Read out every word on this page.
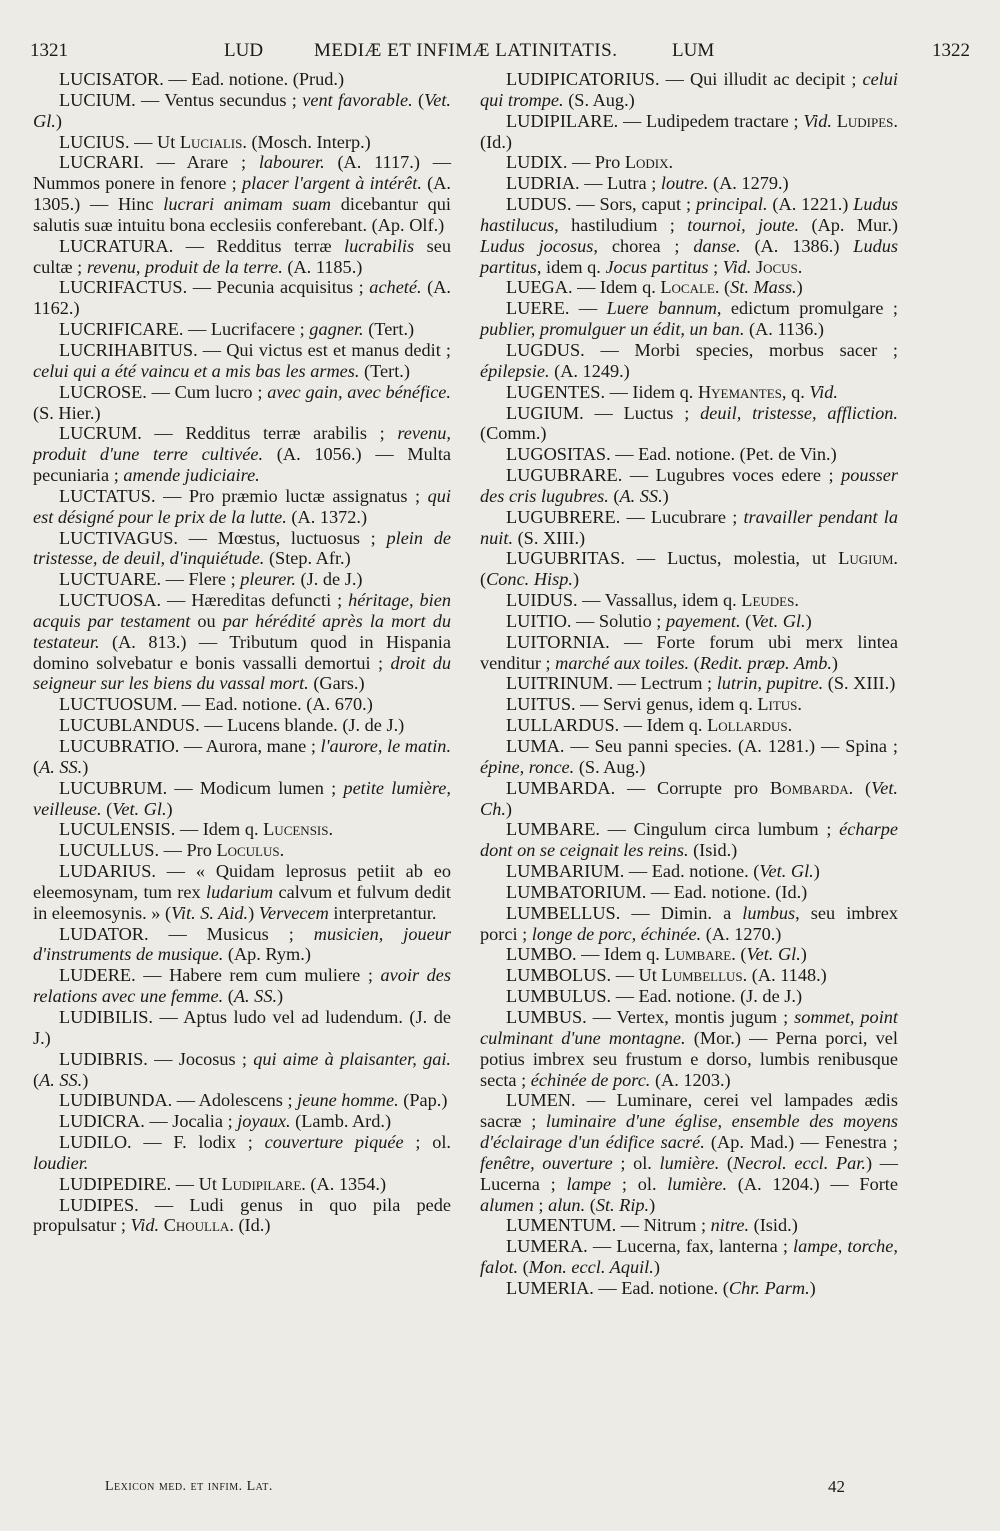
1321	LUD	MEDIÆ ET INFIMÆ LATINITATIS.	LUM	1322

LUCISATOR. — Ead. notione. (Prud.)

LUCIUM. — Ventus secundus ; vent favorable. (Vet. Gl.)

LUCIUS. — Ut Lucialis. (Mosch. Interp.)

LUCRARI. — Arare ; labourer. (A. 1117.) — Nummos ponere in fenore ; placer l'argent à intérêt. (A. 1305.) — Hinc lucrari animam suam dicebantur qui salutis suæ intuitu bona ecclesiis conferebant. (Ap. Olf.)

LUCRATURA. — Redditus terræ lucrabilis seu cultæ ; revenu, produit de la terre. (A. 1185.)

LUCRIFACTUS. — Pecunia acquisitus ; acheté. (A. 1162.)

LUCRIFICARE. — Lucrifacere ; gagner. (Tert.)

LUCRIHABITUS. — Qui victus est et manus dedit ; celui qui a été vaincu et a mis bas les armes. (Tert.)

LUCROSE. — Cum lucro ; avec gain, avec bénéfice. (S. Hier.)

LUCRUM. — Redditus terræ arabilis ; revenu, produit d'une terre cultivée. (A. 1056.) — Multa pecuniaria ; amende judiciaire.

LUCTATUS. — Pro præmio luctæ assignatus ; qui est désigné pour le prix de la lutte. (A. 1372.)

LUCTIVAGUS. — Mœstus, luctuosus ; plein de tristesse, de deuil, d'inquiétude. (Step. Afr.)

LUCTUARE. — Flere ; pleurer. (J. de J.)

LUCTUOSA. — Hæreditas defuncti ; héritage, bien acquis par testament ou par hérédité après la mort du testateur. (A. 813.) — Tributum quod in Hispania domino solvebatur e bonis vassalli demortui ; droit du seigneur sur les biens du vassal mort. (Gars.)

LUCTUOSUM. — Ead. notione. (A. 670.)

LUCUBLANDUS. — Lucens blande. (J. de J.)

LUCUBRATIO. — Aurora, mane ; l'aurore, le matin. (A. SS.)

LUCUBRUM. — Modicum lumen ; petite lumière, veilleuse. (Vet. Gl.)

LUCULENSIS. — Idem q. Lucensis.

LUCULLUS. — Pro Loculus.

LUDARIUS. — « Quidam leprosus petiit ab eo eleemosynam, tum rex ludarium calvum et fulvum dedit in eleemosynis. » (Vit. S. Aid.) Vervecem interpretantur.

LUDATOR. — Musicus ; musicien, joueur d'instruments de musique. (Ap. Rym.)

LUDERE. — Habere rem cum muliere ; avoir des relations avec une femme. (A. SS.)

LUDIBILIS. — Aptus ludo vel ad ludendum. (J. de J.)

LUDIBRIS. — Jocosus ; qui aime à plaisanter, gai. (A. SS.)

LUDIBUNDA. — Adolescens ; jeune homme. (Pap.)

LUDICRA. — Jocalia ; joyaux. (Lamb. Ard.)

LUDILO. — F. lodix ; couverture piquée ; ol. loudier.

LUDIPEDIRE. — Ut Ludipilare. (A. 1354.)

LUDIPES. — Ludi genus in quo pila pede propulsatur ; Vid. Choulla. (Id.)

LUDIPICATORIUS. — Qui illudit ac decipit ; celui qui trompe. (S. Aug.)

LUDIPILARE. — Ludipedem tractare ; Vid. Ludipes. (Id.)

LUDIX. — Pro Lodix.

LUDRIA. — Lutra ; loutre. (A. 1279.)

LUDUS. — Sors, caput ; principal. (A. 1221.) Ludus hastilucus, hastiludium ; tournoi, joute. (Ap. Mur.) Ludus jocosus, chorea ; danse. (A. 1386.) Ludus partitus, idem q. Jocus partitus ; Vid. Jocus.

LUEGA. — Idem q. Locale. (St. Mass.)

LUERE. — Luere bannum, edictum promulgare ; publier, promulguer un édit, un ban. (A. 1136.)

LUGDUS. — Morbi species, morbus sacer ; épilepsie. (A. 1249.)

LUGENTES. — Iidem q. Hyemantes, q. Vid.

LUGIUM. — Luctus ; deuil, tristesse, affliction. (Comm.)

LUGOSITAS. — Ead. notione. (Pet. de Vin.)

LUGUBRARE. — Lugubres voces edere ; pousser des cris lugubres. (A. SS.)

LUGUBRERE. — Lucubrare ; travailler pendant la nuit. (S. XIII.)

LUGUBRITAS. — Luctus, molestia, ut Lugium. (Conc. Hisp.)

LUIDUS. — Vassallus, idem q. Leudes.

LUITIO. — Solutio ; payement. (Vet. Gl.)

LUITORNIA. — Forte forum ubi merx lintea venditur ; marché aux toiles. (Redit. præp. Amb.)

LUITRINUM. — Lectrum ; lutrin, pupitre. (S. XIII.)

LUITUS. — Servi genus, idem q. Litus.

LULLARDUS. — Idem q. Lollardus.

LUMA. — Seu panni species. (A. 1281.) — Spina ; épine, ronce. (S. Aug.)

LUMBARDA. — Corrupte pro Bombarda. (Vet. Ch.)

LUMBARE. — Cingulum circa lumbum ; écharpe dont on se ceignait les reins. (Isid.)

LUMBARIUM. — Ead. notione. (Vet. Gl.)

LUMBATORIUM. — Ead. notione. (Id.)

LUMBELLUS. — Dimin. a lumbus, seu imbrex porci ; longe de porc, échinée. (A. 1270.)

LUMBO. — Idem q. Lumbare. (Vet. Gl.)

LUMBOLUS. — Ut Lumbellus. (A. 1148.)

LUMBULUS. — Ead. notione. (J. de J.)

LUMBUS. — Vertex, montis jugum ; sommet, point culminant d'une montagne. (Mor.) — Perna porci, vel potius imbrex seu frustum e dorso, lumbis renibusque secta ; échinée de porc. (A. 1203.)

LUMEN. — Luminare, cerei vel lampades ædis sacræ ; luminaire d'une église, ensemble des moyens d'éclairage d'un édifice sacré. (Ap. Mad.) — Fenestra ; fenêtre, ouverture ; ol. lumière. (Necrol. eccl. Par.) — Lucerna ; lampe ; ol. lumière. (A. 1204.) — Forte alumen ; alun. (St. Rip.)

LUMENTUM. — Nitrum ; nitre. (Isid.)

LUMERA. — Lucerna, fax, lanterna ; lampe, torche, falot. (Mon. eccl. Aquil.)

LUMERIA. — Ead. notione. (Chr. Parm.)

Lexicon med. et infim. Lat.	42
